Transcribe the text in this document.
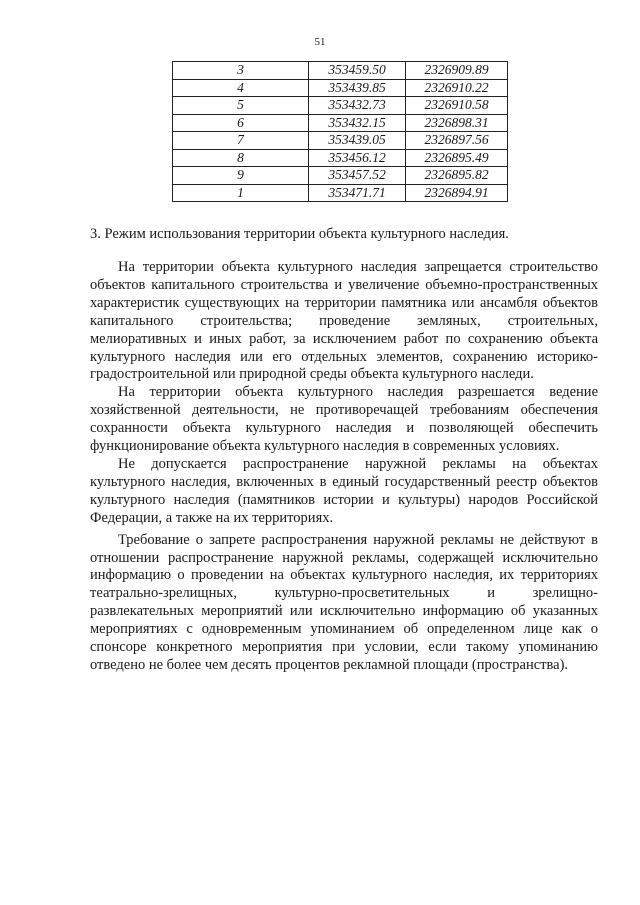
51
3	353459.50	2326909.89
4	353439.85	2326910.22
5	353432.73	2326910.58
6	353432.15	2326898.31
7	353439.05	2326897.56
8	353456.12	2326895.49
9	353457.52	2326895.82
1	353471.71	2326894.91
3. Режим использования территории объекта культурного наследия.

На территории объекта культурного наследия запрещается строительство объектов капитального строительства и увеличение объемно-пространственных характеристик существующих на территории памятника или ансамбля объектов капитального строительства; проведение земляных, строительных, мелиоративных и иных работ, за исключением работ по сохранению объекта культурного наследия или его отдельных элементов, сохранению историко-градостроительной или природной среды объекта культурного наследи.

На территории объекта культурного наследия разрешается ведение хозяйственной деятельности, не противоречащей требованиям обеспечения сохранности объекта культурного наследия и позволяющей обеспечить функционирование объекта культурного наследия в современных условиях.

Не допускается распространение наружной рекламы на объектах культурного наследия, включенных в единый государственный реестр объектов культурного наследия (памятников истории и культуры) народов Российской Федерации, а также на их территориях.

Требование о запрете распространения наружной рекламы не действуют в отношении распространение наружной рекламы, содержащей исключительно информацию о проведении на объектах культурного наследия, их территориях театрально-зрелищных, культурно-просветительных и зрелищно-развлекательных мероприятий или исключительно информацию об указанных мероприятиях с одновременным упоминанием об определенном лице как о спонсоре конкретного мероприятия при условии, если такому упоминанию отведено не более чем десять процентов рекламной площади (пространства).
